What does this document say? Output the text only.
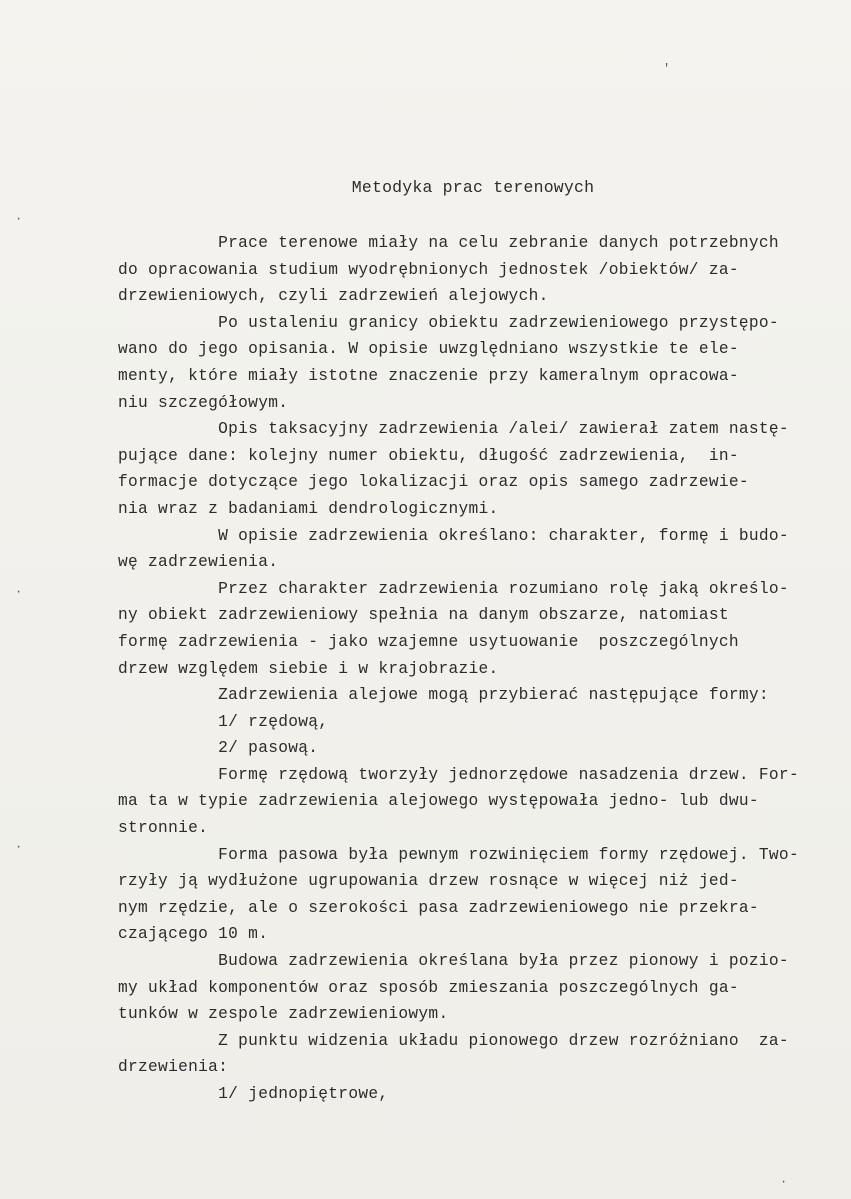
Metodyka prac terenowych
Prace terenowe miały na celu zebranie danych potrzebnych
do opracowania studium wyodrębnionych jednostek /obiektów/ za-
drzewieniowych, czyli zadrzewień alejowych.
Po ustaleniu granicy obiektu zadrzewieniowego przystępo-
wano do jego opisania. W opisie uwzględniano wszystkie te ele-
menty, które miały istotne znaczenie przy kameralnym opracowa-
niu szczegółowym.
Opis taksacyjny zadrzewienia /alei/ zawierał zatem nastę-
pujące dane: kolejny numer obiektu, długość zadrzewienia,  in-
formacje dotyczące jego lokalizacji oraz opis samego zadrzewie-
nia wraz z badaniami dendrologicznymi.
W opisie zadrzewienia określano: charakter, formę i budo-
wę zadrzewienia.
Przez charakter zadrzewienia rozumiano rolę jaką określo-
ny obiekt zadrzewieniowy spełnia na danym obszarze, natomiast
formę zadrzewienia - jako wzajemne usytuowanie  poszczególnych
drzew względem siebie i w krajobrazie.
Zadrzewienia alejowe mogą przybierać następujące formy:
1/ rzędową,
2/ pasową.
Formę rzędową tworzyły jednorzędowe nasadzenia drzew. For-
ma ta w typie zadrzewienia alejowego występowała jedno- lub dwu-
stronnie.
Forma pasowa była pewnym rozwinięciem formy rzędowej. Two-
rzyły ją wydłużone ugrupowania drzew rosnące w więcej niż jed-
nym rzędzie, ale o szerokości pasa zadrzewieniowego nie przekra-
czającego 10 m.
Budowa zadrzewienia określana była przez pionowy i pozio-
my układ komponentów oraz sposób zmieszania poszczególnych ga-
tunków w zespole zadrzewieniowym.
Z punktu widzenia układu pionowego drzew rozróżniano  za-
drzewienia:
1/ jednopiętrowe,
'
·
·
·
·
